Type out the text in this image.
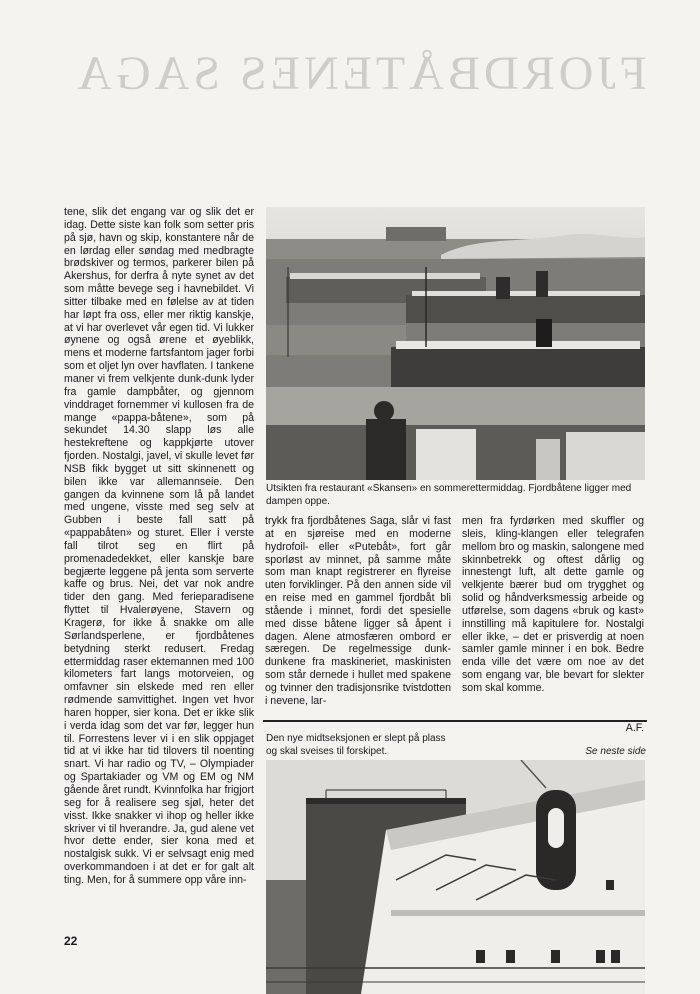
FJORDBÅTENES SAGA

tene, slik det engang var og slik det er idag. Dette siste kan folk som setter pris på sjø, havn og skip, konstantere når de en lørdag eller søndag med medbragte brødskiver og termos, parkerer bilen på Akershus, for derfra å nyte synet av det som måtte bevege seg i havnebildet. Vi sitter tilbake med en følelse av at tiden har løpt fra oss, eller mer riktig kanskje, at vi har overlevet vår egen tid. Vi lukker øynene og også ørene et øyeblikk, mens et moderne fartsfantom jager forbi som et oljet lyn over havflaten. I tankene maner vi frem velkjente dunk-dunk lyder fra gamle dampbåter, og gjennom vinddraget fornemmer vi kullosen fra de mange «pappa-båtene», som på sekundet 14.30 slapp løs alle hestekreftene og kappkjørte utover fjorden. Nostalgi, javel, vi skulle levet før NSB fikk bygget ut sitt skinnenett og bilen ikke var allemannseie. Den gangen da kvinnene som lå på landet med ungene, visste med seg selv at Gubben i beste fall satt på «pappabåten» og sturet. Eller i verste fall tilrot seg en flirt på promenadedekket, eller kanskje bare begjærte leggene på jenta som serverte kaffe og brus. Nei, det var nok andre tider den gang. Med ferieparadisene flyttet til Hvalerøyene, Stavern og Kragerø, for ikke å snakke om alle Sørlandsperlene, er fjordbåtenes betydning sterkt redusert. Fredag ettermiddag raser ektemannen med 100 kilometers fart langs motorveien, og omfavner sin elskede med ren eller rødmende samvittighet. Ingen vet hvor haren hopper, sier kona. Det er ikke slik i verda idag som det var før, legger hun til. Forrestens lever vi i en slik oppjaget tid at vi ikke har tid tilovers til noenting snart. Vi har radio og TV, – Olympiader og Spartakiader og VM og EM og NM gående året rundt. Kvinnfolka har frigjort seg for å realisere seg sjøl, heter det visst. Ikke snakker vi ihop og heller ikke skriver vi til hverandre. Ja, gud alene vet hvor dette ender, sier kona med et nostalgisk sukk. Vi er selvsagt enig med overkommandoen i at det er for galt alt ting. Men, for å summere opp våre inn-

Utsikten fra restaurant «Skansen» en sommerettermiddag. Fjordbåtene ligger med dampen oppe.

trykk fra fjordbåtenes Saga, slår vi fast at en sjøreise med en moderne hydrofoil- eller «Putebåt», fort går sporløst av minnet, på samme måte som man knapt registrerer en flyreise uten forviklinger. På den annen side vil en reise med en gammel fjordbåt bli stående i minnet, fordi det spesielle med disse båtene ligger så åpent i dagen. Alene atmosfæren ombord er særegen. De regelmessige dunk-dunkene fra maskineriet, maskinisten som står dernede i hullet med spakene og tvinner den tradisjonsrike tvistdotten i nevene, lar-

men fra fyrdørken med skuffler og sleis, kling-klangen eller telegrafen mellom bro og maskin, salongene med skinnbetrekk og oftest dårlig og innestengt luft, alt dette gamle og velkjente bærer bud om trygghet og solid og håndverksmessig arbeide og utførelse, som dagens «bruk og kast» innstilling må kapitulere for. Nostalgi eller ikke, – det er prisverdig at noen samler gamle minner i en bok. Bedre enda ville det være om noe av det som engang var, ble bevart for slekter som skal komme.

A.F.

Den nye midtseksjonen er slept på plass og skal sveises til forskipet.	Se neste side
22
